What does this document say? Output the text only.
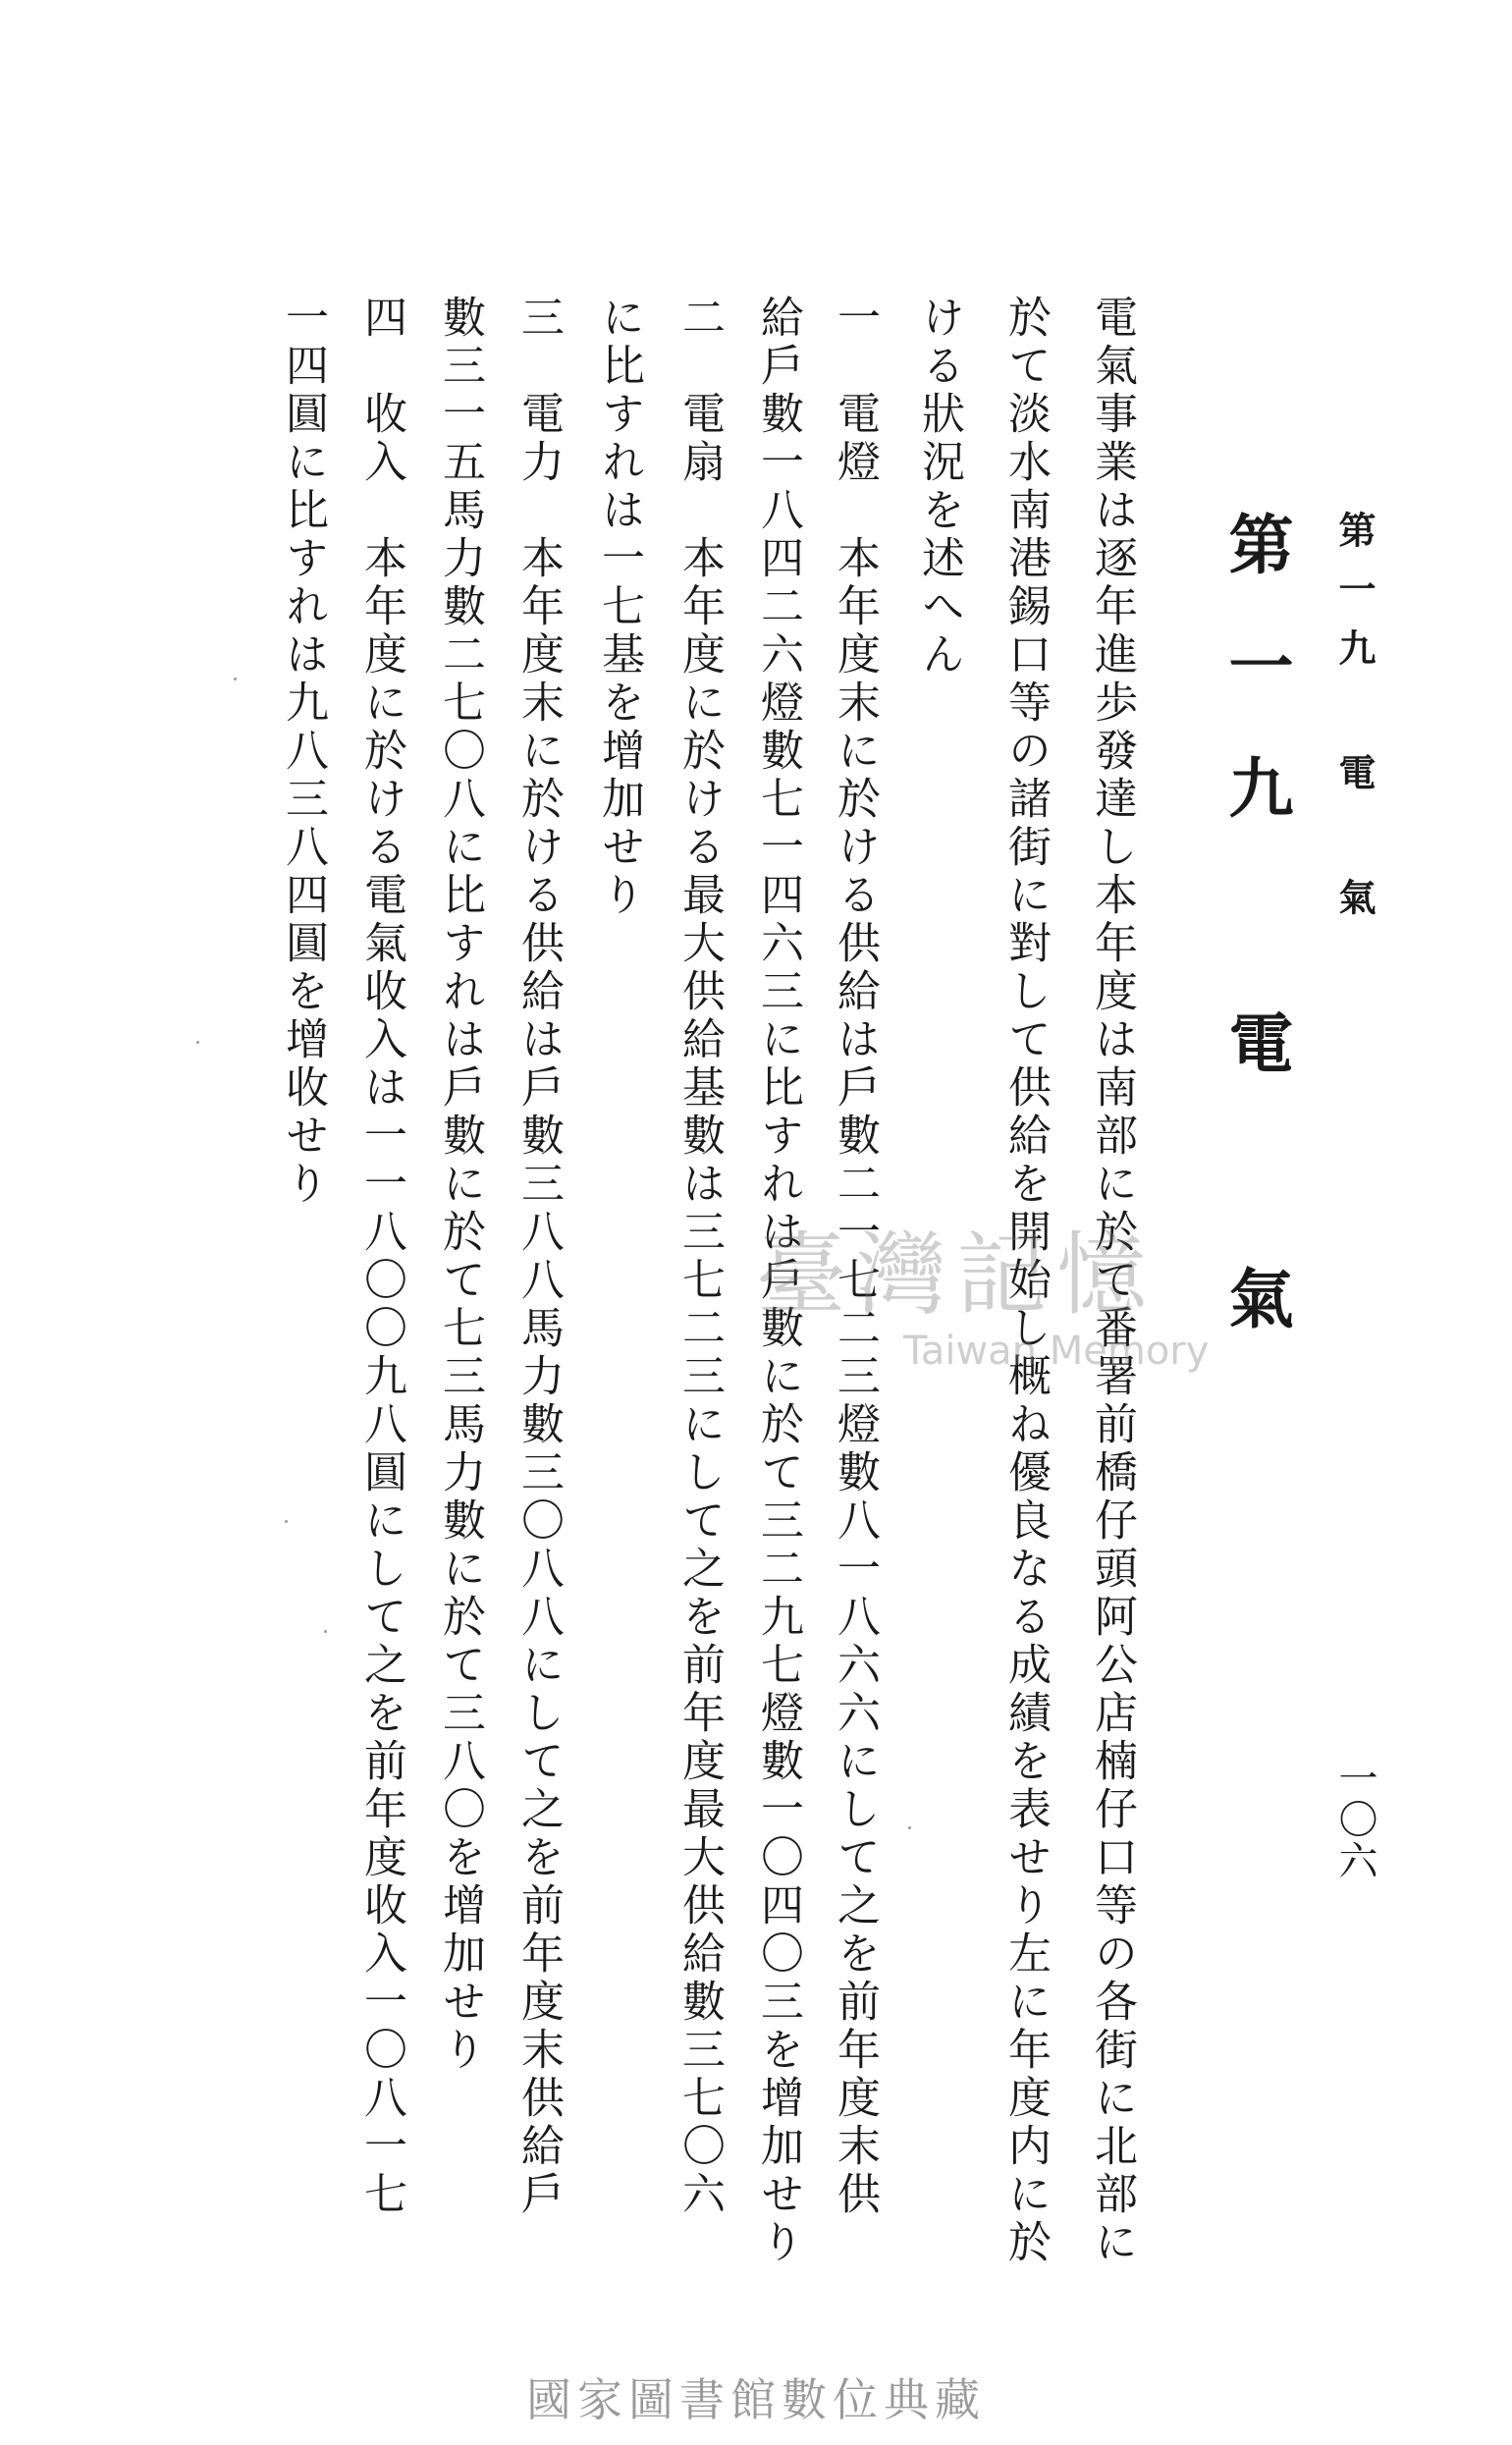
第一九 電 氣
一〇六
第一九 電 氣
電氣事業は逐年進歩發達し本年度は南部に於て番署前橋仔頭阿公店楠仔口等の各街に北部に
於て淡水南港錫口等の諸街に對して供給を開始し概ね優良なる成績を表せり左に年度内に於
ける狀況を述へん
一　電燈　本年度末に於ける供給は戶數二一七二三燈數八一八六六にして之を前年度末供
給戶數一八四二六燈數七一四六三に比すれは戶數に於て三二九七燈數一〇四〇三を增加せり
二　電扇　本年度に於ける最大供給基數は三七二三にして之を前年度最大供給數三七〇六
に比すれは一七基を增加せり
三　電力　本年度末に於ける供給は戶數三八八馬力數三〇八八にして之を前年度末供給戶
數三一五馬力數二七〇八に比すれは戶數に於て七三馬力數に於て三八〇を增加せり
四　收入　本年度に於ける電氣收入は一一八〇〇九八圓にして之を前年度收入一〇八一七
一四圓に比すれは九八三八四圓を增收せり
臺灣記憶
Taiwan Memory
國家圖書館數位典藏
